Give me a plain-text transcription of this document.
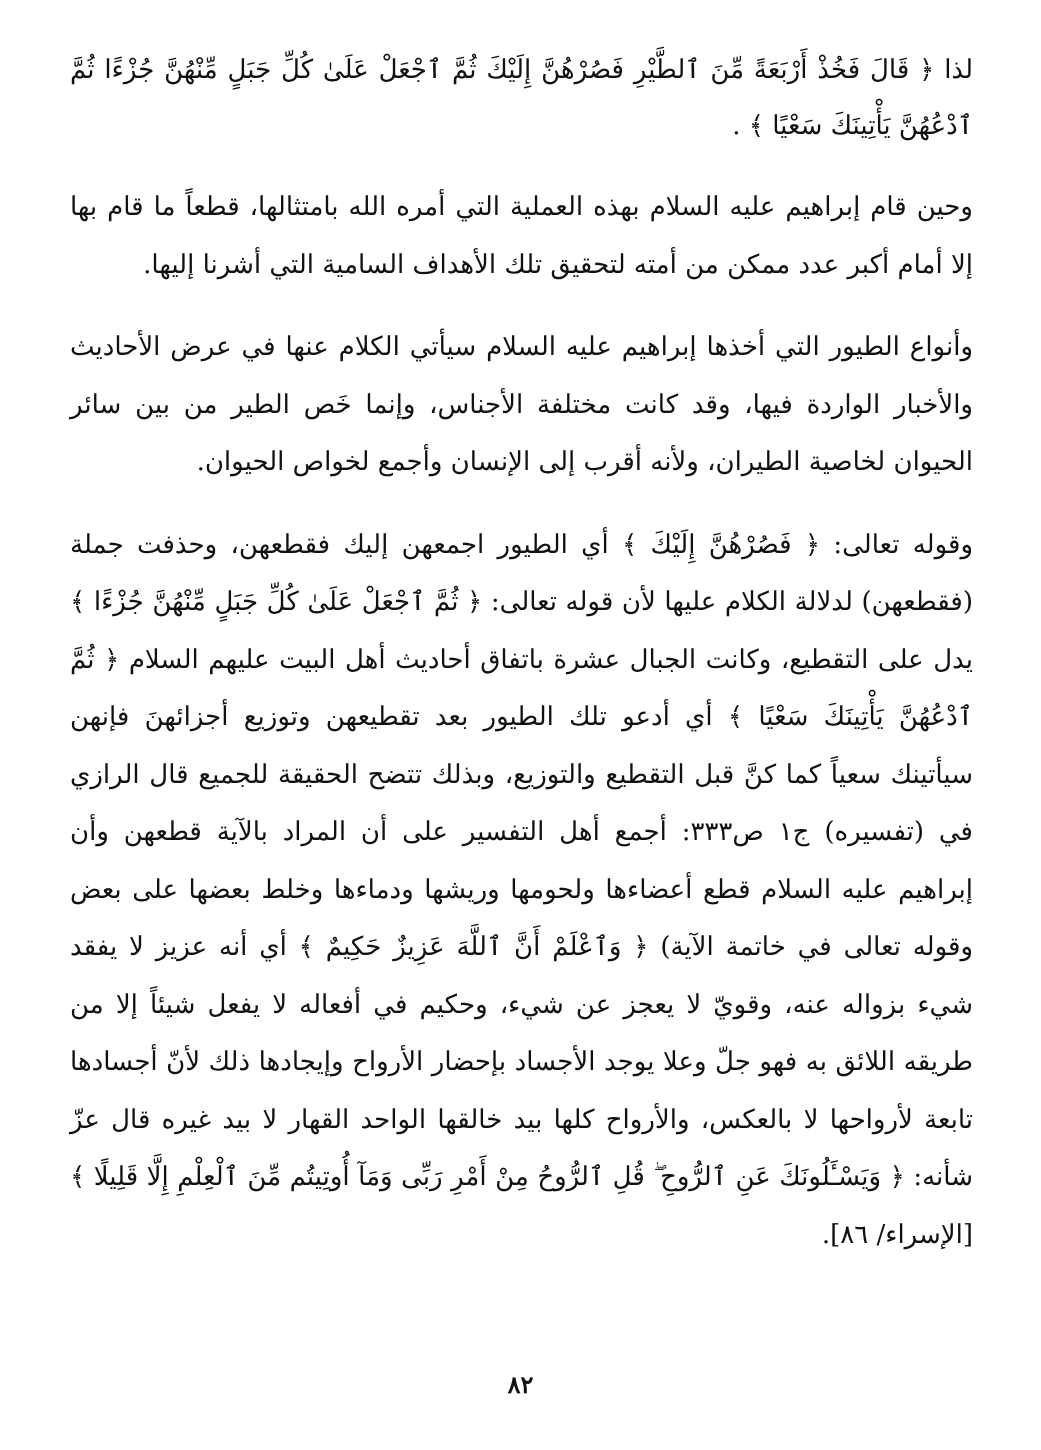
لذا ﴿ قَالَ فَخُذْ أَرْبَعَةً مِّنَ ٱلطَّيْرِ فَصُرْهُنَّ إِلَيْكَ ثُمَّ ٱجْعَلْ عَلَىٰ كُلِّ جَبَلٍ مِّنْهُنَّ جُزْءًا ثُمَّ ٱدْعُهُنَّ يَأْتِينَكَ سَعْيًا ﴾ .

وحين قام إبراهيم عليه السلام بهذه العملية التي أمره الله بامتثالها، قطعاً ما قام بها إلا أمام أكبر عدد ممكن من أمته لتحقيق تلك الأهداف السامية التي أشرنا إليها.

وأنواع الطيور التي أخذها إبراهيم عليه السلام سيأتي الكلام عنها في عرض الأحاديث والأخبار الواردة فيها، وقد كانت مختلفة الأجناس، وإنما خَص الطير من بين سائر الحيوان لخاصية الطيران، ولأنه أقرب إلى الإنسان وأجمع لخواص الحيوان.

وقوله تعالى: ﴿ فَصُرْهُنَّ إِلَيْكَ ﴾ أي الطيور اجمعهن إليك فقطعهن، وحذفت جملة (فقطعهن) لدلالة الكلام عليها لأن قوله تعالى: ﴿ ثُمَّ ٱجْعَلْ عَلَىٰ كُلِّ جَبَلٍ مِّنْهُنَّ جُزْءًا ﴾ يدل على التقطيع، وكانت الجبال عشرة باتفاق أحاديث أهل البيت عليهم السلام ﴿ ثُمَّ ٱدْعُهُنَّ يَأْتِينَكَ سَعْيًا ﴾ أي أدعو تلك الطيور بعد تقطيعهن وتوزيع أجزائهنَ فإنهن سيأتينك سعياً كما كنَّ قبل التقطيع والتوزيع، وبذلك تتضح الحقيقة للجميع قال الرازي في (تفسيره) ج١ ص٣٣٣: أجمع أهل التفسير على أن المراد بالآية قطعهن وأن إبراهيم عليه السلام قطع أعضاءها ولحومها وريشها ودماءها وخلط بعضها على بعض وقوله تعالى في خاتمة الآية) ﴿ وَٱعْلَمْ أَنَّ ٱللَّهَ عَزِيزٌ حَكِيمٌ ﴾ أي أنه عزيز لا يفقد شيء بزواله عنه، وقويّ لا يعجز عن شيء، وحكيم في أفعاله لا يفعل شيئاً إلا من طريقه اللائق به فهو جلّ وعلا يوجد الأجساد بإحضار الأرواح وإيجادها ذلك لأنّ أجسادها تابعة لأرواحها لا بالعكس، والأرواح كلها بيد خالقها الواحد القهار لا بيد غيره قال عزّ شأنه: ﴿ وَيَسْـَٔلُونَكَ عَنِ ٱلرُّوحِ ۖ قُلِ ٱلرُّوحُ مِنْ أَمْرِ رَبِّى وَمَآ أُوتِيتُم مِّنَ ٱلْعِلْمِ إِلَّا قَلِيلًا ﴾ [الإسراء/ ٨٦].

٨٢
